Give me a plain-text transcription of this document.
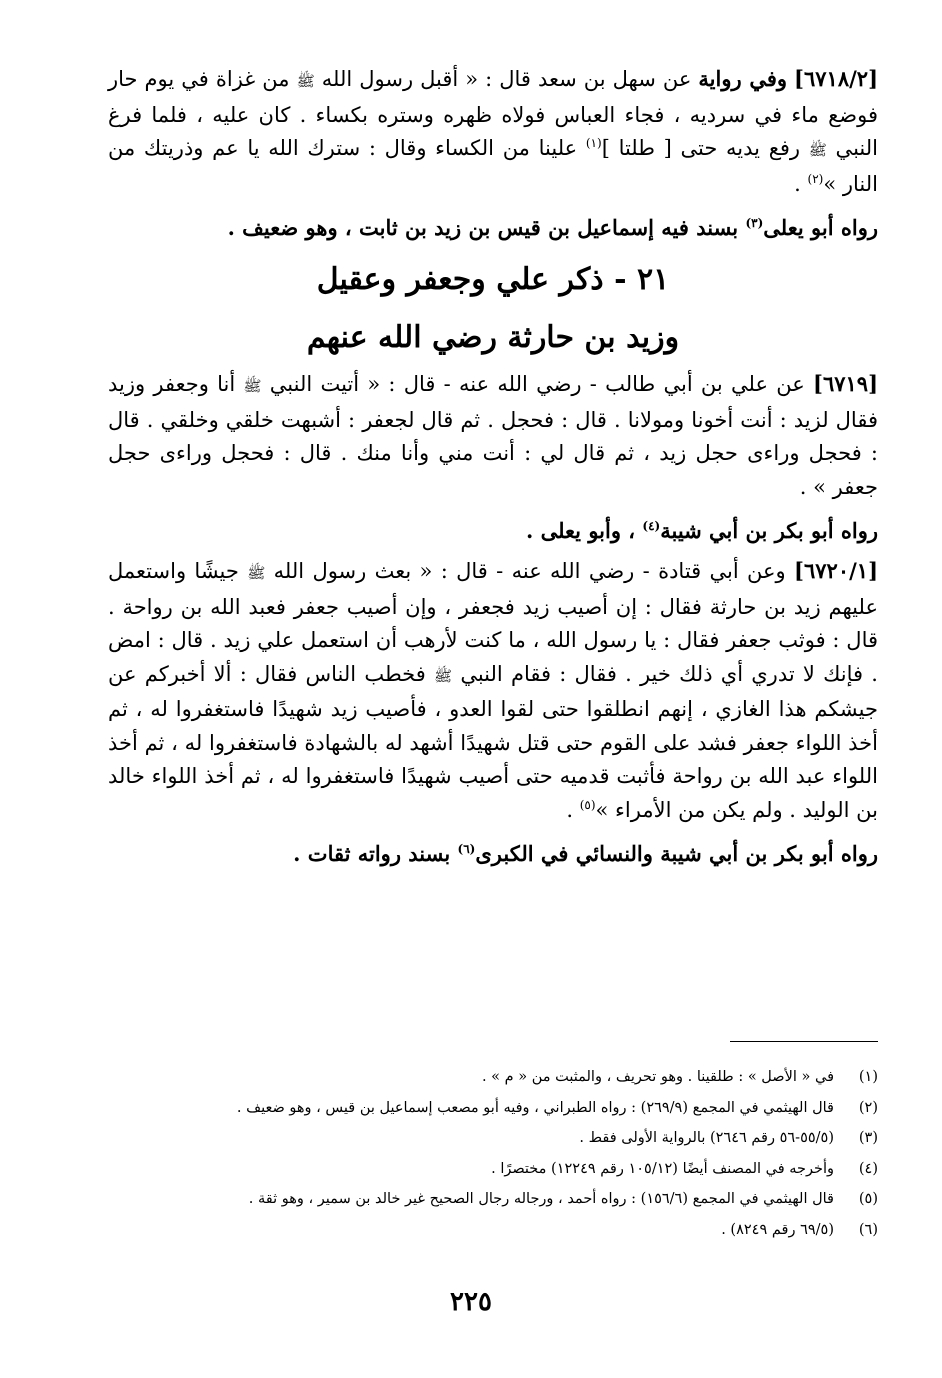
[٦٧١٨/٢] وفي رواية عن سهل بن سعد قال : « أقبل رسول الله ﷺ من غزاة في يوم حار فوضع ماء في سرديه ، فجاء العباس فولاه ظهره وستره بكساء . كان عليه ، فلما فرغ النبي ﷺ رفع يديه حتى [ طلتا ]$^{(١)}$ علينا من الكساء وقال : سترك الله يا عم وذريتك من النار »$^{(٢)}$ .

رواه أبو يعلى$^{(٣)}$ بسند فيه إسماعيل بن قيس بن زيد بن ثابت ، وهو ضعيف .

٢١ - ذكر علي وجعفر وعقيل
وزيد بن حارثة رضي الله عنهم

[٦٧١٩] عن علي بن أبي طالب - رضي الله عنه - قال : « أتيت النبي ﷺ أنا وجعفر وزيد فقال لزيد : أنت أخونا ومولانا . قال : فحجل . ثم قال لجعفر : أشبهت خلقي وخلقي . قال : فحجل وراءى حجل زيد ، ثم قال لي : أنت مني وأنا منك . قال : فحجل وراءى حجل جعفر » .

رواه أبو بكر بن أبي شيبة$^{(٤)}$ ، وأبو يعلى .

[٦٧٢٠/١] وعن أبي قتادة - رضي الله عنه - قال : « بعث رسول الله ﷺ جيشًا واستعمل عليهم زيد بن حارثة فقال : إن أصيب زيد فجعفر ، وإن أصيب جعفر فعبد الله بن رواحة . قال : فوثب جعفر فقال : يا رسول الله ، ما كنت لأرهب أن استعمل علي زيد . قال : امض . فإنك لا تدري أي ذلك خير . فقال : فقام النبي ﷺ فخطب الناس فقال : ألا أخبركم عن جيشكم هذا الغازي ، إنهم انطلقوا حتى لقوا العدو ، فأصيب زيد شهيدًا فاستغفروا له ، ثم أخذ اللواء جعفر فشد على القوم حتى قتل شهيدًا أشهد له بالشهادة فاستغفروا له ، ثم أخذ اللواء عبد الله بن رواحة فأثبت قدميه حتى أصيب شهيدًا فاستغفروا له ، ثم أخذ اللواء خالد بن الوليد . ولم يكن من الأمراء »$^{(٥)}$ .

رواه أبو بكر بن أبي شيبة والنسائي في الكبرى$^{(٦)}$ بسند رواته ثقات .

(١)
في « الأصل » : طلقينا . وهو تحريف ، والمثبت من « م » .
(٢)
قال الهيثمي في المجمع (٢٦٩/٩) : رواه الطبراني ، وفيه أبو مصعب إسماعيل بن قيس ، وهو ضعيف .
(٣)
(٥٥/٥-٥٦ رقم ٢٦٤٦) بالرواية الأولى فقط .
(٤)
وأخرجه في المصنف أيضًا (١٠٥/١٢ رقم ١٢٢٤٩) مختصرًا .
(٥)
قال الهيثمي في المجمع (١٥٦/٦) : رواه أحمد ، ورجاله رجال الصحيح غير خالد بن سمير ، وهو ثقة .
(٦)
(٦٩/٥ رقم ٨٢٤٩) .
٢٢٥
